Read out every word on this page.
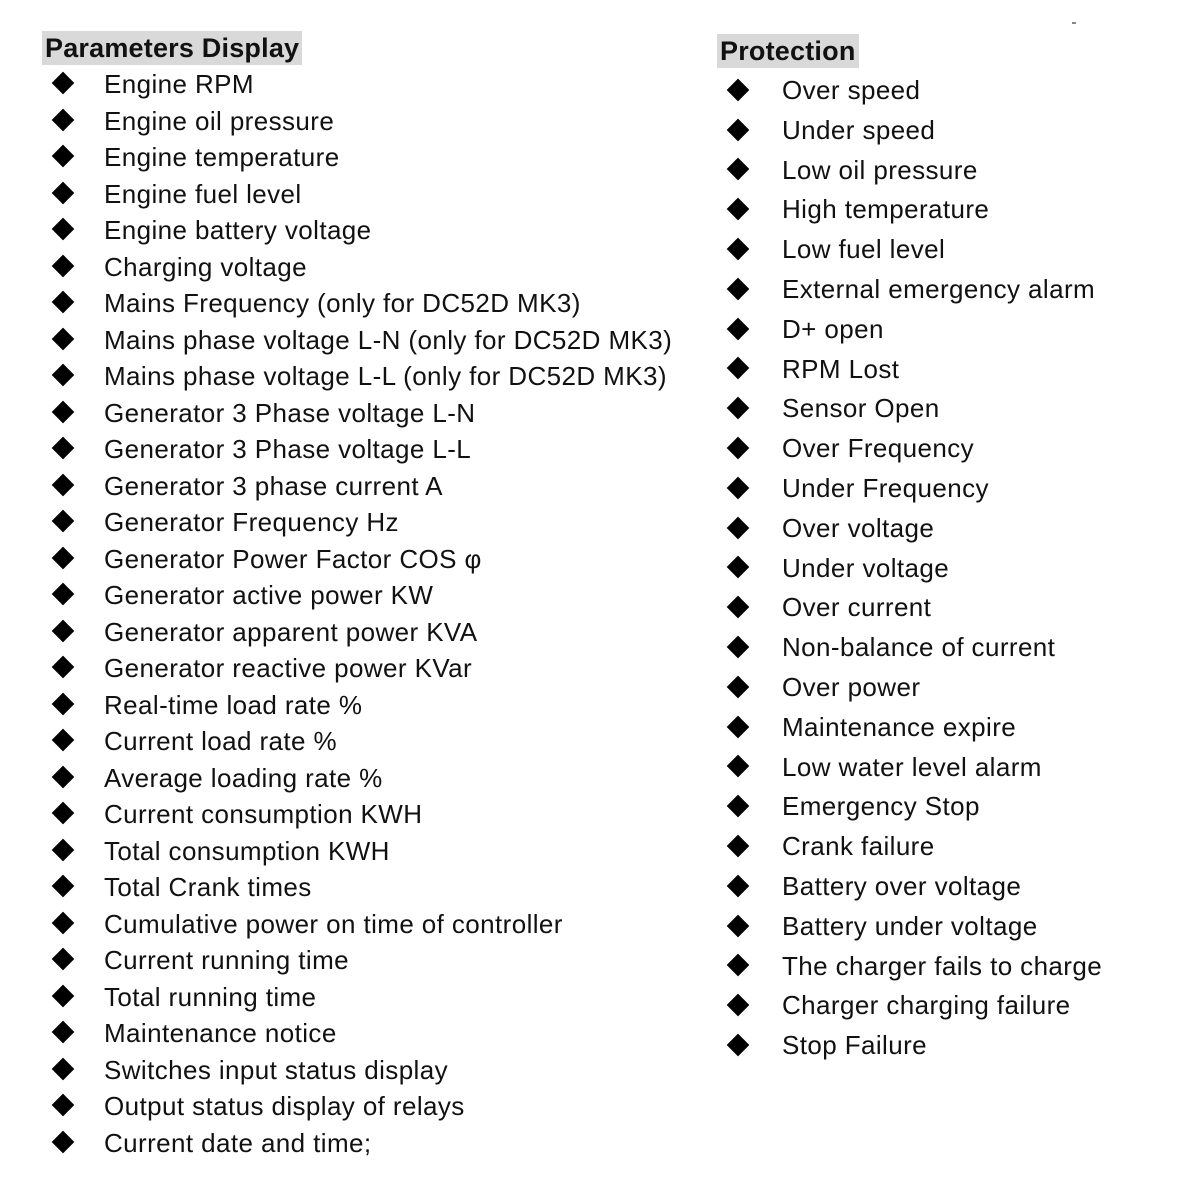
Parameters Display
Engine RPM
Engine oil pressure
Engine temperature
Engine fuel level
Engine battery voltage
Charging voltage
Mains Frequency (only for DC52D MK3)
Mains phase voltage L-N (only for DC52D MK3)
Mains phase voltage L-L (only for DC52D MK3)
Generator 3 Phase voltage L-N
Generator 3 Phase voltage L-L
Generator 3 phase current A
Generator Frequency Hz
Generator Power Factor COS φ
Generator active power KW
Generator apparent power KVA
Generator reactive power KVar
Real-time load rate %
Current load rate %
Average loading rate %
Current consumption KWH
Total consumption KWH
Total Crank times
Cumulative power on time of controller
Current running time
Total running time
Maintenance notice
Switches input status display
Output status display of relays
Current date and time;
Protection
Over speed
Under speed
Low oil pressure
High temperature
Low fuel level
External emergency alarm
D+ open
RPM Lost
Sensor Open
Over Frequency
Under Frequency
Over voltage
Under voltage
Over current
Non-balance of current
Over power
Maintenance expire
Low water level alarm
Emergency Stop
Crank failure
Battery over voltage
Battery under voltage
The charger fails to charge
Charger charging failure
Stop Failure
